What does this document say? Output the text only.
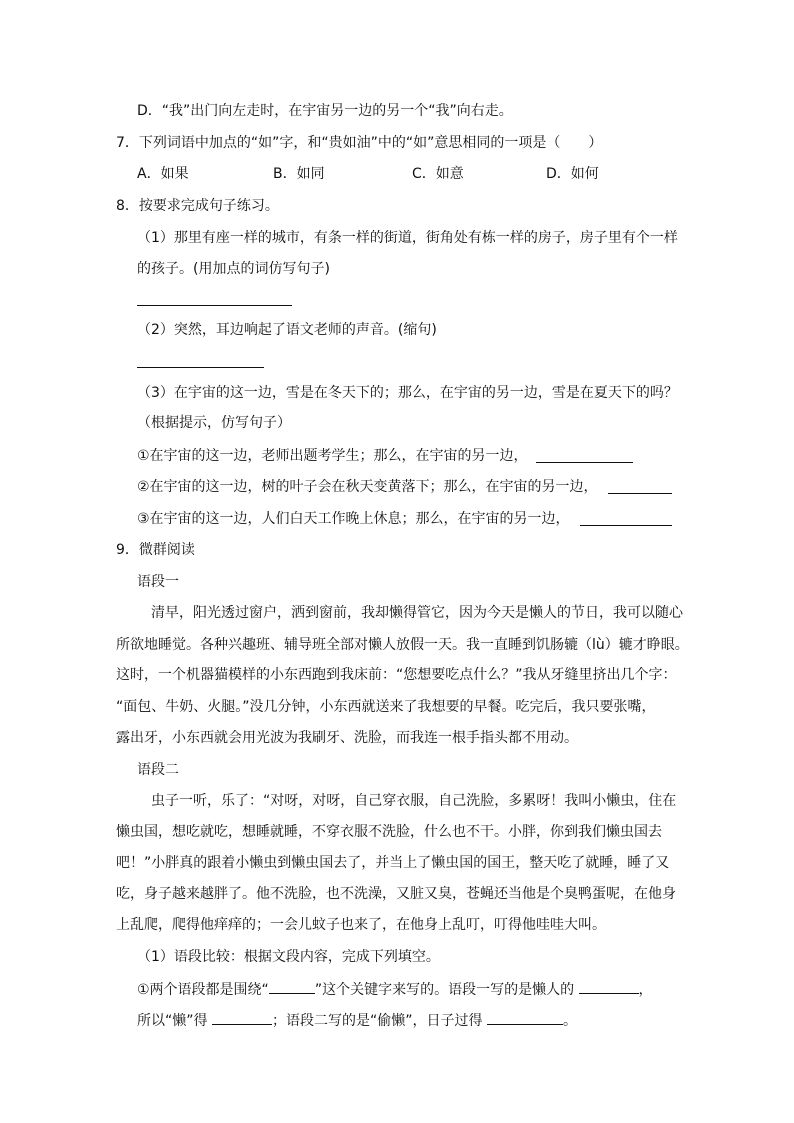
D．“我”出门向左走时，在宇宙另一边的另一个“我”向右走。
7．下列词语中加点的“如”字，和“贵如油”中的“如”意思相同的一项是（　　）
A．如果	B．如同	C．如意	D．如何
8．按要求完成句子练习。
（1）那里有座一样的城市，有条一样的街道，街角处有栋一样的房子，房子里有个一样
的孩子。(用加点的词仿写句子)
（2）突然，耳边响起了语文老师的声音。(缩句)
（3）在宇宙的这一边，雪是在冬天下的；那么，在宇宙的另一边，雪是在夏天下的吗？
（根据提示，仿写句子）
①在宇宙的这一边，老师出题考学生；那么，在宇宙的另一边，
②在宇宙的这一边，树的叶子会在秋天变黄落下；那么，在宇宙的另一边，
③在宇宙的这一边，人们白天工作晚上休息；那么，在宇宙的另一边，
9．微群阅读
语段一
　清早，阳光透过窗户，洒到窗前，我却懒得管它，因为今天是懒人的节日，我可以随心
所欲地睡觉。各种兴趣班、辅导班全部对懒人放假一天。我一直睡到饥肠辘（lù）辘才睁眼。
这时，一个机器猫模样的小东西跑到我床前：“您想要吃点什么？”我从牙缝里挤出几个字：
“面包、牛奶、火腿。”没几分钟，小东西就送来了我想要的早餐。吃完后，我只要张嘴，
露出牙，小东西就会用光波为我刷牙、洗脸，而我连一根手指头都不用动。
语段二
　虫子一听，乐了：“对呀，对呀，自己穿衣服，自己洗脸，多累呀！我叫小懒虫，住在
懒虫国，想吃就吃，想睡就睡，不穿衣服不洗脸，什么也不干。小胖，你到我们懒虫国去
吧！”小胖真的跟着小懒虫到懒虫国去了，并当上了懒虫国的国王，整天吃了就睡，睡了又
吃，身子越来越胖了。他不洗脸，也不洗澡，又脏又臭，苍蝇还当他是个臭鸭蛋呢，在他身
上乱爬，爬得他痒痒的；一会儿蚊子也来了，在他身上乱叮，叮得他哇哇大叫。
（1）语段比较：根据文段内容，完成下列填空。
①两个语段都是围绕“	”这个关键字来写的。语段一写的是懒人的	，
所以“懒”得	；语段二写的是“偷懒”，日子过得	。
